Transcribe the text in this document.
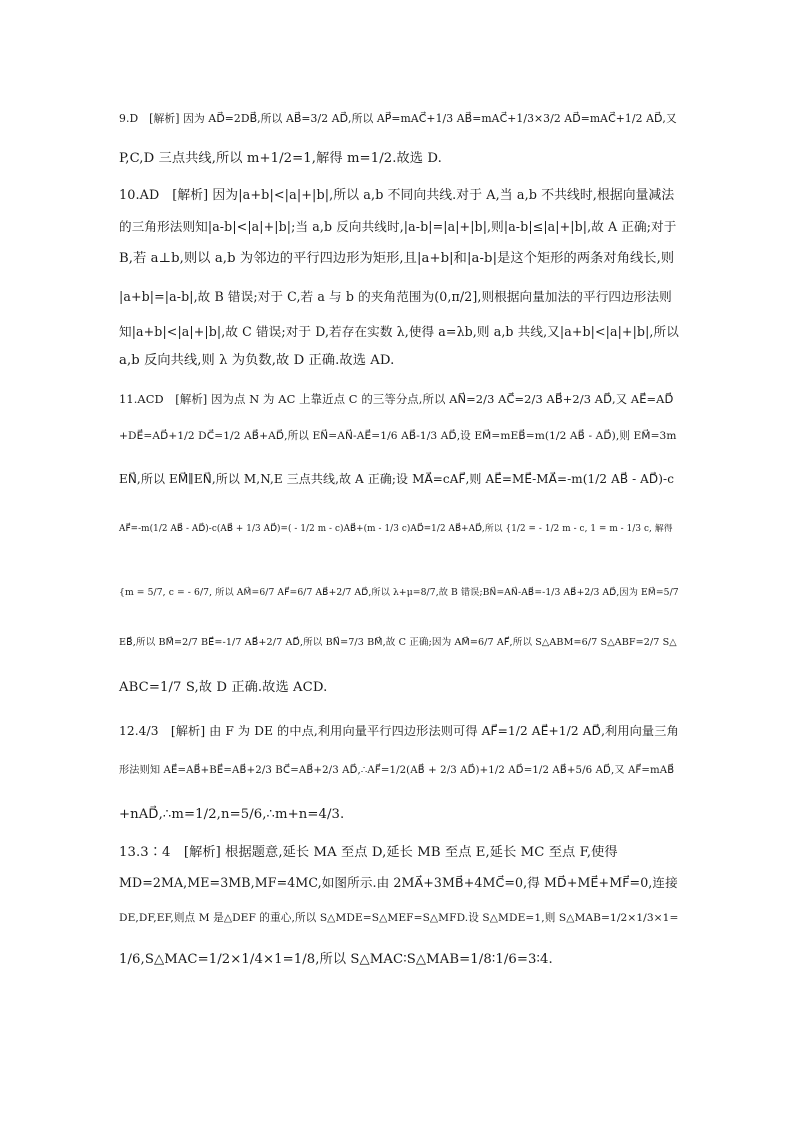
9.D　[解析] 因为 AD⃗=2DB⃗,所以 AB⃗=3/2 AD⃗,所以 AP⃗=mAC⃗+1/3 AB⃗=mAC⃗+1/3×3/2 AD⃗=mAC⃗+1/2 AD⃗,又
P,C,D 三点共线,所以 m+1/2=1,解得 m=1/2.故选 D.
10.AD　[解析] 因为|a+b|<|a|+|b|,所以 a,b 不同向共线.对于 A,当 a,b 不共线时,根据向量减法
的三角形法则知|a-b|<|a|+|b|;当 a,b 反向共线时,|a-b|=|a|+|b|,则|a-b|≤|a|+|b|,故 A 正确;对于
B,若 a⊥b,则以 a,b 为邻边的平行四边形为矩形,且|a+b|和|a-b|是这个矩形的两条对角线长,则
|a+b|=|a-b|,故 B 错误;对于 C,若 a 与 b 的夹角范围为(0,π/2],则根据向量加法的平行四边形法则
知|a+b|<|a|+|b|,故 C 错误;对于 D,若存在实数 λ,使得 a=λb,则 a,b 共线,又|a+b|<|a|+|b|,所以
a,b 反向共线,则 λ 为负数,故 D 正确.故选 AD.
11.ACD　[解析] 因为点 N 为 AC 上靠近点 C 的三等分点,所以 AN⃗=2/3 AC⃗=2/3 AB⃗+2/3 AD⃗,又 AE⃗=AD⃗
+DE⃗=AD⃗+1/2 DC⃗=1/2 AB⃗+AD⃗,所以 EN⃗=AN⃗-AE⃗=1/6 AB⃗-1/3 AD⃗,设 EM⃗=mEB⃗=m(1/2 AB⃗ - AD⃗),则 EM⃗=3m
EN⃗,所以 EM⃗∥EN⃗,所以 M,N,E 三点共线,故 A 正确;设 MA⃗=cAF⃗,则 AE⃗=ME⃗-MA⃗=-m(1/2 AB⃗ - AD⃗)-c
AF⃗=-m(1/2 AB⃗ - AD⃗)-c(AB⃗ + 1/3 AD⃗)=( - 1/2 m - c)AB⃗+(m - 1/3 c)AD⃗=1/2 AB⃗+AD⃗,所以 {1/2 = - 1/2 m - c, 1 = m - 1/3 c, 解得
{m = 5/7, c = - 6/7, 所以 AM⃗=6/7 AF⃗=6/7 AB⃗+2/7 AD⃗,所以 λ+μ=8/7,故 B 错误;BN⃗=AN⃗-AB⃗=-1/3 AB⃗+2/3 AD⃗,因为 EM⃗=5/7
EB⃗,所以 BM⃗=2/7 BE⃗=-1/7 AB⃗+2/7 AD⃗,所以 BN⃗=7/3 BM⃗,故 C 正确;因为 AM⃗=6/7 AF⃗,所以 S△ABM=6/7 S△ABF=2/7 S△
ABC=1/7 S,故 D 正确.故选 ACD.
12.4/3　[解析] 由 F 为 DE 的中点,利用向量平行四边形法则可得 AF⃗=1/2 AE⃗+1/2 AD⃗,利用向量三角
形法则知 AE⃗=AB⃗+BE⃗=AB⃗+2/3 BC⃗=AB⃗+2/3 AD⃗,∴AF⃗=1/2(AB⃗ + 2/3 AD⃗)+1/2 AD⃗=1/2 AB⃗+5/6 AD⃗,又 AF⃗=mAB⃗
+nAD⃗,∴m=1/2,n=5/6,∴m+n=4/3.
13.3∶4　[解析] 根据题意,延长 MA 至点 D,延长 MB 至点 E,延长 MC 至点 F,使得
MD=2MA,ME=3MB,MF=4MC,如图所示.由 2MA⃗+3MB⃗+4MC⃗=0,得 MD⃗+ME⃗+MF⃗=0,连接
DE,DF,EF,则点 M 是△DEF 的重心,所以 S△MDE=S△MEF=S△MFD.设 S△MDE=1,则 S△MAB=1/2×1/3×1=
1/6,S△MAC=1/2×1/4×1=1/8,所以 S△MAC∶S△MAB=1/8∶1/6=3∶4.
